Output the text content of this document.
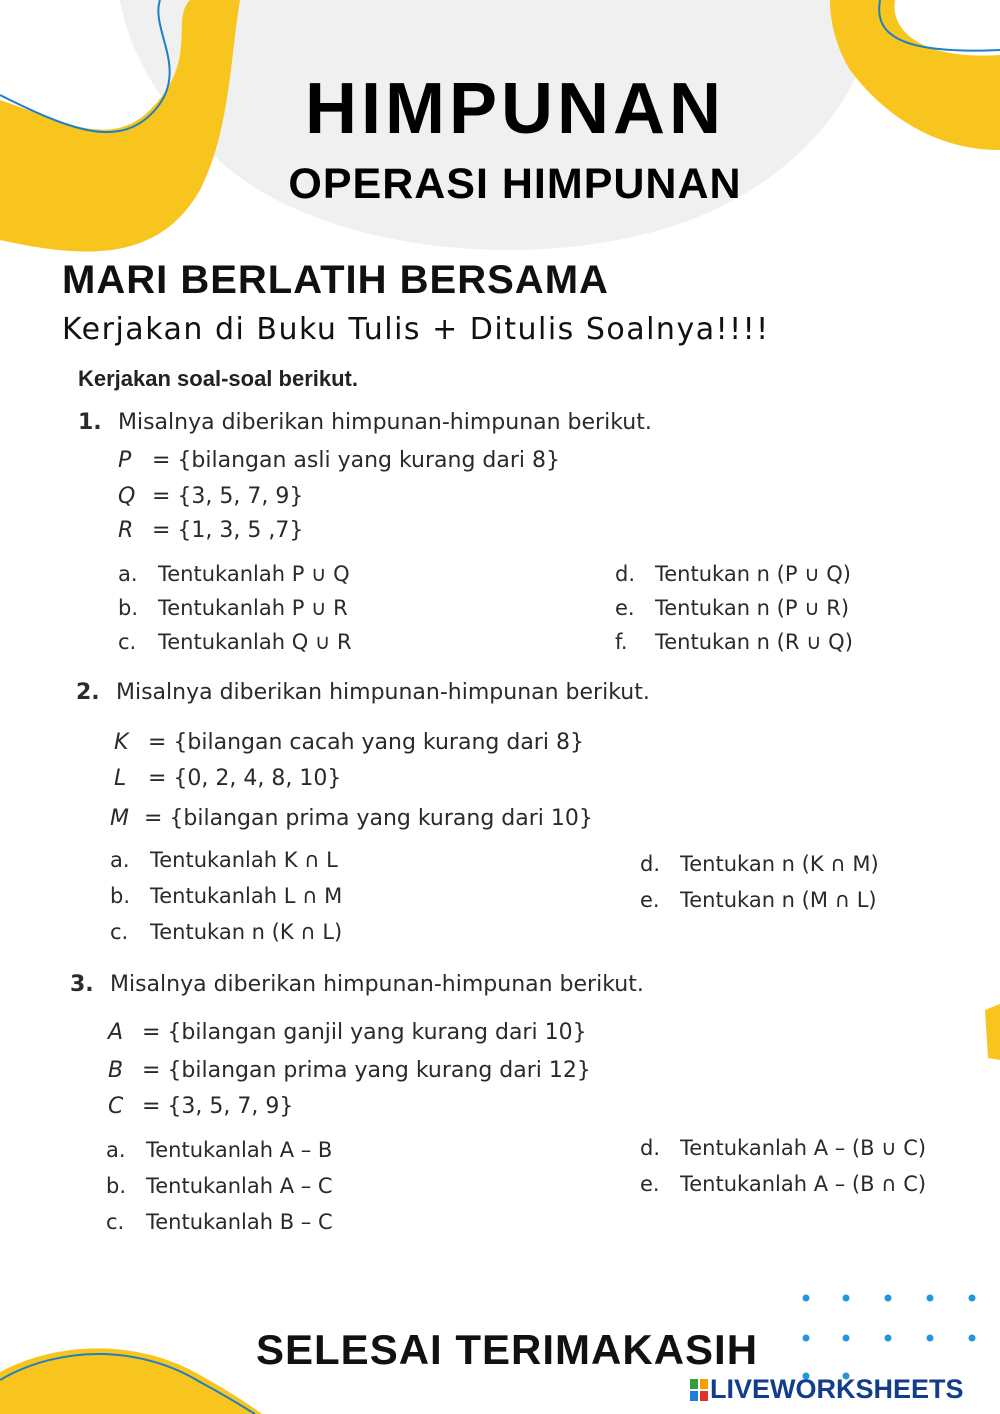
HIMPUNAN
OPERASI HIMPUNAN
MARI BERLATIH BERSAMA
Kerjakan di Buku Tulis + Ditulis Soalnya!!!!
Kerjakan soal-soal berikut.
1. Misalnya diberikan himpunan-himpunan berikut.
P = {bilangan asli yang kurang dari 8}
Q = {3, 5, 7, 9}
R = {1, 3, 5 ,7}
a. Tentukanlah P ∪ Q
b. Tentukanlah P ∪ R
c. Tentukanlah Q ∪ R
d. Tentukan n (P ∪ Q)
e. Tentukan n (P ∪ R)
f. Tentukan n (R ∪ Q)
2. Misalnya diberikan himpunan-himpunan berikut.
K = {bilangan cacah yang kurang dari 8}
L = {0, 2, 4, 8, 10}
M = {bilangan prima yang kurang dari 10}
a. Tentukanlah K ∩ L
b. Tentukanlah L ∩ M
c. Tentukan n (K ∩ L)
d. Tentukan n (K ∩ M)
e. Tentukan n (M ∩ L)
3. Misalnya diberikan himpunan-himpunan berikut.
A = {bilangan ganjil yang kurang dari 10}
B = {bilangan prima yang kurang dari 12}
C = {3, 5, 7, 9}
a. Tentukanlah A – B
b. Tentukanlah A – C
c. Tentukanlah B – C
d. Tentukanlah A – (B ∪ C)
e. Tentukanlah A – (B ∩ C)
SELESAI TERIMAKASIH
LIVEWORKSHEETS
